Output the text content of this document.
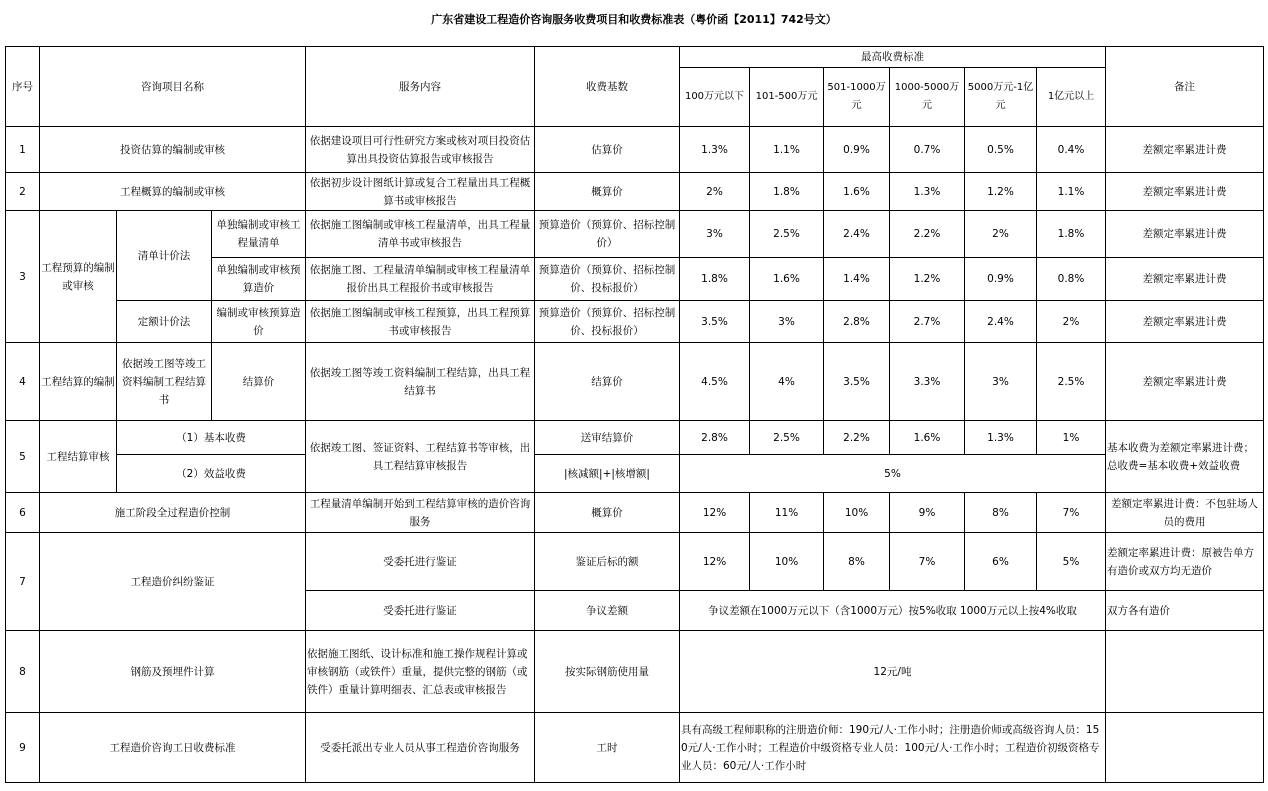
广东省建设工程造价咨询服务收费项目和收费标准表（粤价函【2011】742号文）
序号	咨询项目名称			服务内容	收费基数	最高收费标准						备注
						100万元以下	101-500万元	501-1000万元	1000-5000万元	5000万元-1亿元	1亿元以上	
1	投资估算的编制或审核			依据建设项目可行性研究方案或核对项目投资估算出具投资估算报告或审核报告	估算价	1.3%	1.1%	0.9%	0.7%	0.5%	0.4%	差额定率累进计费
2	工程概算的编制或审核			依据初步设计图纸计算或复合工程量出具工程概算书或审核报告	概算价	2%	1.8%	1.6%	1.3%	1.2%	1.1%	差额定率累进计费
3	工程预算的编制或审核	清单计价法	单独编制或审核工程量清单	依据施工图编制或审核工程量清单，出具工程量清单书或审核报告	预算造价（预算价、招标控制价）	3%	2.5%	2.4%	2.2%	2%	1.8%	差额定率累进计费
			单独编制或审核预算造价	依据施工图、工程量清单编制或审核工程量清单报价出具工程报价书或审核报告	预算造价（预算价、招标控制价、投标报价）	1.8%	1.6%	1.4%	1.2%	0.9%	0.8%	差额定率累进计费
		定额计价法	编制或审核预算造价	依据施工图编制或审核工程预算，出具工程预算书或审核报告	预算造价（预算价、招标控制价、投标报价）	3.5%	3%	2.8%	2.7%	2.4%	2%	差额定率累进计费
4	工程结算的编制	依据竣工图等竣工资料编制工程结算书	结算价	依据竣工图等竣工资料编制工程结算，出具工程结算书	结算价	4.5%	4%	3.5%	3.3%	3%	2.5%	差额定率累进计费
5	工程结算审核	（1）基本收费		依据竣工图、签证资料、工程结算书等审核，出具工程结算审核报告	送审结算价	2.8%	2.5%	2.2%	1.6%	1.3%	1%	基本收费为差额定率累进计费；总收费=基本收费+效益收费
		（2）效益收费			|核减额|+|核增额|	5%						
6	施工阶段全过程造价控制			工程量清单编制开始到工程结算审核的造价咨询服务	概算价	12%	11%	10%	9%	8%	7%	差额定率累进计费：不包驻场人员的费用
7	工程造价纠纷鉴证			受委托进行鉴证	鉴证后标的额	12%	10%	8%	7%	6%	5%	差额定率累进计费：原被告单方有造价或双方均无造价
				受委托进行鉴证	争议差额	争议差额在1000万元以下（含1000万元）按5%收取 1000万元以上按4%收取						双方各有造价
8	钢筋及预埋件计算			依据施工图纸、设计标准和施工操作规程计算或审核钢筋（或铁件）重量，提供完整的钢筋（或铁件）重量计算明细表、汇总表或审核报告	按实际钢筋使用量	12元/吨						
9	工程造价咨询工日收费标准			受委托派出专业人员从事工程造价咨询服务	工时	具有高级工程师职称的注册造价师：190元/人·工作小时；注册造价师或高级咨询人员：150元/人·工作小时；工程造价中级资格专业人员：100元/人·工作小时；工程造价初级资格专业人员：60元/人·工作小时						
